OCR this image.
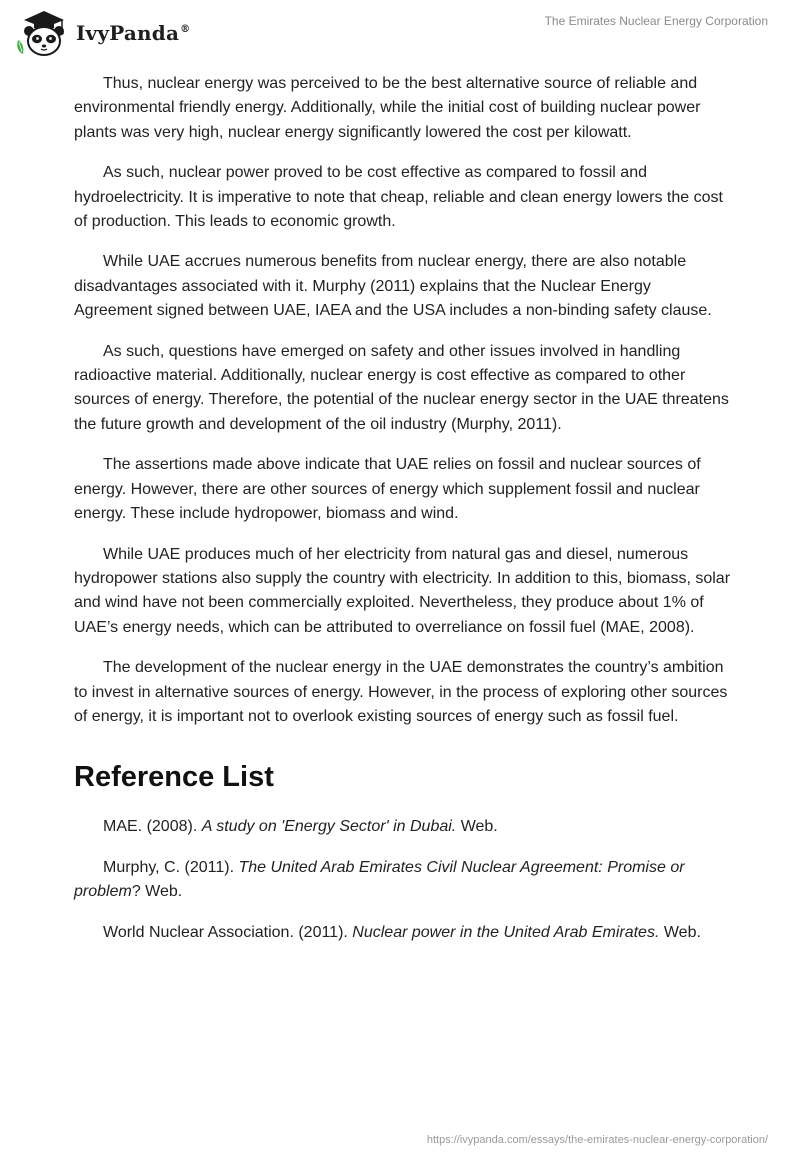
IvyPanda®
The Emirates Nuclear Energy Corporation

Thus, nuclear energy was perceived to be the best alternative source of reliable and environmental friendly energy. Additionally, while the initial cost of building nuclear power plants was very high, nuclear energy significantly lowered the cost per kilowatt.

As such, nuclear power proved to be cost effective as compared to fossil and hydroelectricity. It is imperative to note that cheap, reliable and clean energy lowers the cost of production. This leads to economic growth.

While UAE accrues numerous benefits from nuclear energy, there are also notable disadvantages associated with it. Murphy (2011) explains that the Nuclear Energy Agreement signed between UAE, IAEA and the USA includes a non-binding safety clause.

As such, questions have emerged on safety and other issues involved in handling radioactive material. Additionally, nuclear energy is cost effective as compared to other sources of energy. Therefore, the potential of the nuclear energy sector in the UAE threatens the future growth and development of the oil industry (Murphy, 2011).

The assertions made above indicate that UAE relies on fossil and nuclear sources of energy. However, there are other sources of energy which supplement fossil and nuclear energy. These include hydropower, biomass and wind.

While UAE produces much of her electricity from natural gas and diesel, numerous hydropower stations also supply the country with electricity. In addition to this, biomass, solar and wind have not been commercially exploited. Nevertheless, they produce about 1% of UAE’s energy needs, which can be attributed to overreliance on fossil fuel (MAE, 2008).

The development of the nuclear energy in the UAE demonstrates the country’s ambition to invest in alternative sources of energy. However, in the process of exploring other sources of energy, it is important not to overlook existing sources of energy such as fossil fuel.

Reference List
MAE. (2008). A study on 'Energy Sector' in Dubai. Web.
Murphy, C. (2011). The United Arab Emirates Civil Nuclear Agreement: Promise or problem? Web.
World Nuclear Association. (2011). Nuclear power in the United Arab Emirates. Web.
https://ivypanda.com/essays/the-emirates-nuclear-energy-corporation/
